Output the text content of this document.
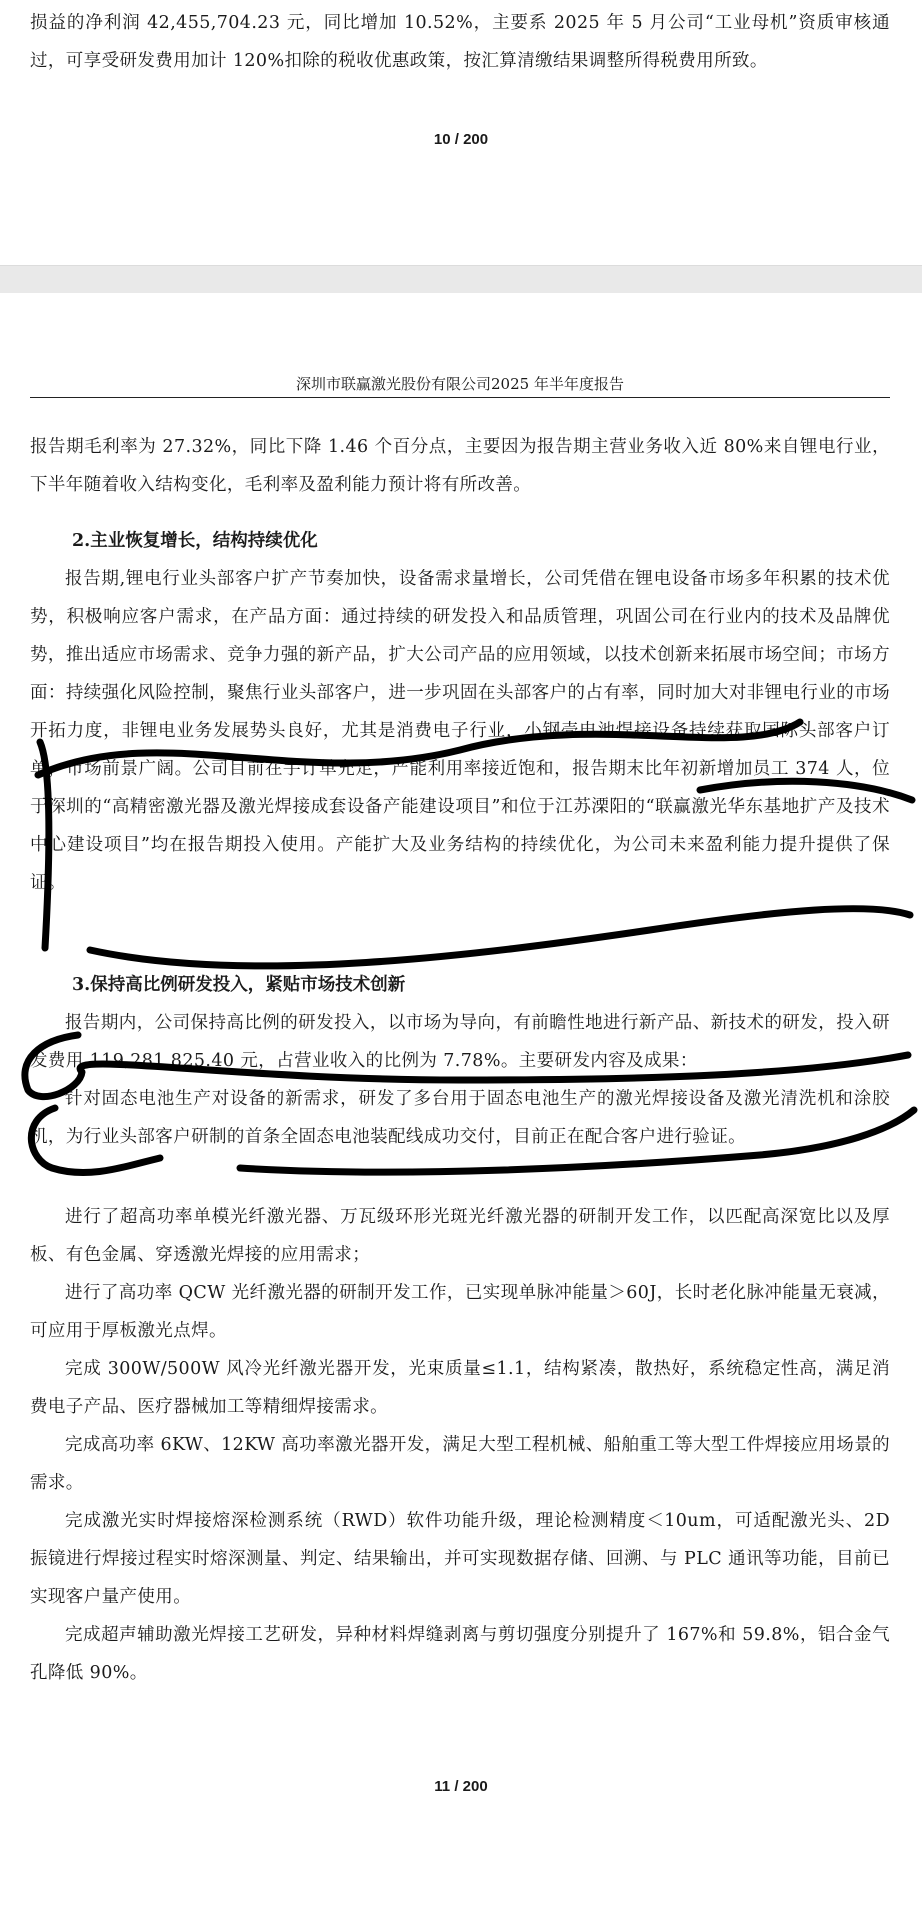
损益的净利润 42,455,704.23 元，同比增加 10.52%，主要系 2025 年 5 月公司“工业母机”资质审核通过，可享受研发费用加计 120%扣除的税收优惠政策，按汇算清缴结果调整所得税费用所致。

10 / 200
深圳市联赢激光股份有限公司2025 年半年度报告

报告期毛利率为 27.32%，同比下降 1.46 个百分点，主要因为报告期主营业务收入近 80%来自锂电行业，下半年随着收入结构变化，毛利率及盈利能力预计将有所改善。

2.主业恢复增长，结构持续优化

报告期,锂电行业头部客户扩产节奏加快，设备需求量增长，公司凭借在锂电设备市场多年积累的技术优势，积极响应客户需求，在产品方面：通过持续的研发投入和品质管理，巩固公司在行业内的技术及品牌优势，推出适应市场需求、竞争力强的新产品，扩大公司产品的应用领域，以技术创新来拓展市场空间；市场方面：持续强化风险控制，聚焦行业头部客户，进一步巩固在头部客户的占有率，同时加大对非锂电行业的市场开拓力度，非锂电业务发展势头良好，尤其是消费电子行业，小钢壳电池焊接设备持续获取国际头部客户订单，市场前景广阔。公司目前在手订单充足，产能利用率接近饱和，报告期末比年初新增加员工 374 人，位于深圳的“高精密激光器及激光焊接成套设备产能建设项目”和位于江苏溧阳的“联赢激光华东基地扩产及技术中心建设项目”均在报告期投入使用。产能扩大及业务结构的持续优化，为公司未来盈利能力提升提供了保证。

3.保持高比例研发投入，紧贴市场技术创新

报告期内，公司保持高比例的研发投入，以市场为导向，有前瞻性地进行新产品、新技术的研发，投入研发费用 119,281,825.40 元，占营业收入的比例为 7.78%。主要研发内容及成果：

针对固态电池生产对设备的新需求，研发了多台用于固态电池生产的激光焊接设备及激光清洗机和涂胶机，为行业头部客户研制的首条全固态电池装配线成功交付，目前正在配合客户进行验证。

进行了超高功率单模光纤激光器、万瓦级环形光斑光纤激光器的研制开发工作，以匹配高深宽比以及厚板、有色金属、穿透激光焊接的应用需求；

进行了高功率 QCW 光纤激光器的研制开发工作，已实现单脉冲能量＞60J，长时老化脉冲能量无衰减，可应用于厚板激光点焊。

完成 300W/500W 风冷光纤激光器开发，光束质量≤1.1，结构紧凑，散热好，系统稳定性高，满足消费电子产品、医疗器械加工等精细焊接需求。

完成高功率 6KW、12KW 高功率激光器开发，满足大型工程机械、船舶重工等大型工件焊接应用场景的需求。

完成激光实时焊接熔深检测系统（RWD）软件功能升级，理论检测精度＜10um，可适配激光头、2D 振镜进行焊接过程实时熔深测量、判定、结果输出，并可实现数据存储、回溯、与 PLC 通讯等功能，目前已实现客户量产使用。

完成超声辅助激光焊接工艺研发，异种材料焊缝剥离与剪切强度分别提升了 167%和 59.8%，铝合金气孔降低 90%。

11 / 200
